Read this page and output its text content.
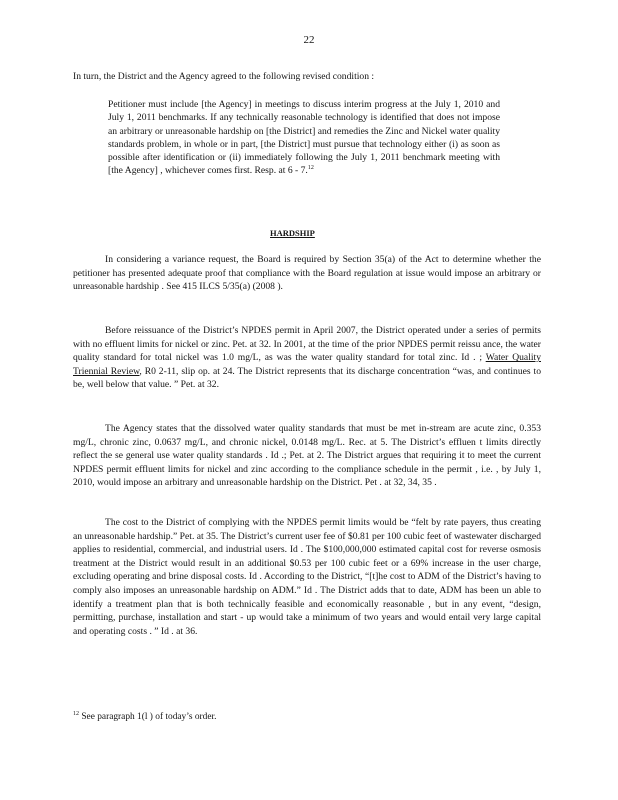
22

In turn, the District and the Agency agreed to the following revised condition :

Petitioner must include [the Agency] in meetings to discuss interim progress at the July 1, 2010 and July 1, 2011 benchmarks. If any technically reasonable technology is identified that does not impose an arbitrary or unreasonable hardship on [the District] and remedies the Zinc and Nickel water quality standards problem, in whole or in part, [the District] must pursue that technology either (i) as soon as possible after identification or (ii) immediately following the July 1, 2011 benchmark meeting with [the Agency] , whichever comes first. Resp. at 6 - 7.12

HARDSHIP

In considering a variance request, the Board is required by Section 35(a) of the Act to determine whether the petitioner has presented adequate proof that compliance with the Board regulation at issue would impose an arbitrary or unreasonable hardship . See 415 ILCS 5/35(a) (2008 ).

Before reissuance of the District’s NPDES permit in April 2007, the District operated under a series of permits with no effluent limits for nickel or zinc. Pet. at 32. In 2001, at the time of the prior NPDES permit reissu ance, the water quality standard for total nickel was 1.0 mg/L, as was the water quality standard for total zinc. Id . ; Water Quality Triennial Review, R0 2-11, slip op. at 24. The District represents that its discharge concentration “was, and continues to be, well below that value. ” Pet. at 32.

The Agency states that the dissolved water quality standards that must be met in-stream are acute zinc, 0.353 mg/L, chronic zinc, 0.0637 mg/L, and chronic nickel, 0.0148 mg/L. Rec. at 5. The District’s effluen t limits directly reflect the se general use water quality standards . Id .; Pet. at 2. The District argues that requiring it to meet the current NPDES permit effluent limits for nickel and zinc according to the compliance schedule in the permit , i.e. , by July 1, 2010, would impose an arbitrary and unreasonable hardship on the District. Pet . at 32, 34, 35 .

The cost to the District of complying with the NPDES permit limits would be “felt by rate payers, thus creating an unreasonable hardship.” Pet. at 35. The District’s current user fee of $0.81 per 100 cubic feet of wastewater discharged applies to residential, commercial, and industrial users. Id . The $100,000,000 estimated capital cost for reverse osmosis treatment at the District would result in an additional $0.53 per 100 cubic feet or a 69% increase in the user charge, excluding operating and brine disposal costs. Id . According to the District, “[t]he cost to ADM of the District’s having to comply also imposes an unreasonable hardship on ADM.” Id . The District adds that to date, ADM has been un able to identify a treatment plan that is both technically feasible and economically reasonable , but in any event, “design, permitting, purchase, installation and start - up would take a minimum of two years and would entail very large capital and operating costs . ” Id . at 36.

$^{12}$ See paragraph 1(l ) of today’s order.
